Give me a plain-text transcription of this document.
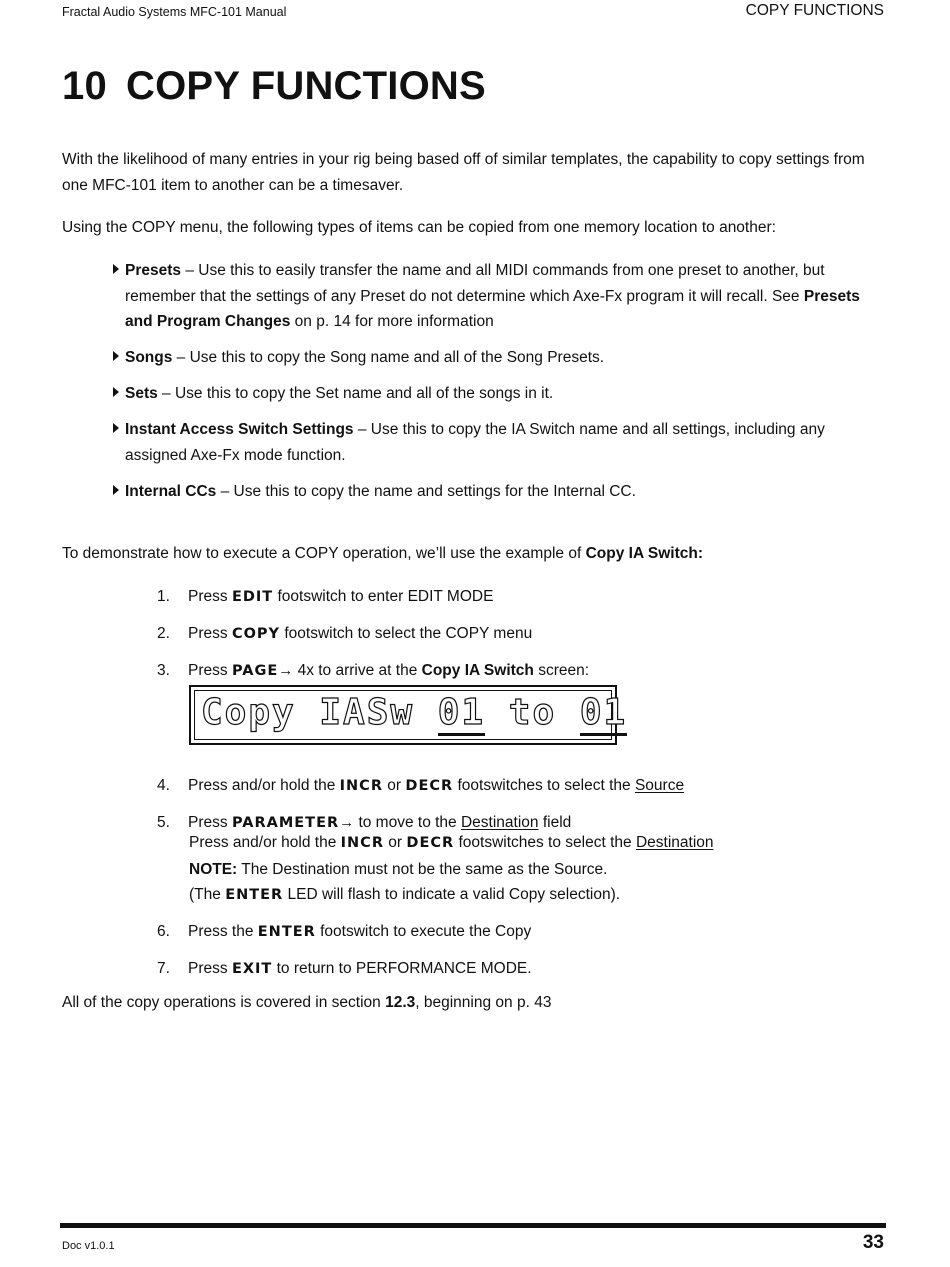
Fractal Audio Systems MFC-101 Manual	COPY FUNCTIONS
10 COPY FUNCTIONS

With the likelihood of many entries in your rig being based off of similar templates, the capability to copy settings from one MFC-101 item to another can be a timesaver.

Using the COPY menu, the following types of items can be copied from one memory location to another:

Presets – Use this to easily transfer the name and all MIDI commands from one preset to another, but remember that the settings of any Preset do not determine which Axe-Fx program it will recall. See Presets and Program Changes on p. 14 for more information
Songs – Use this to copy the Song name and all of the Song Presets.
Sets – Use this to copy the Set name and all of the songs in it.
Instant Access Switch Settings – Use this to copy the IA Switch name and all settings, including any assigned Axe-Fx mode function.
Internal CCs – Use this to copy the name and settings for the Internal CC.

To demonstrate how to execute a COPY operation, we’ll use the example of Copy IA Switch:

1.	Press EDIT footswitch to enter EDIT MODE
2.	Press COPY footswitch to select the COPY menu
3.	Press PAGE→ 4x to arrive at the Copy IA Switch screen:
4.	Press and/or hold the INCR or DECR footswitches to select the Source
5.	Press PARAMETER→ to move to the Destination field
Copy IASw 01 to 01
Press and/or hold the INCR or DECR footswitches to select the Destination
NOTE: The Destination must not be the same as the Source.
(The ENTER LED will flash to indicate a valid Copy selection).
6.	Press the ENTER footswitch to execute the Copy
7.	Press EXIT to return to PERFORMANCE MODE.

All of the copy operations is covered in section 12.3, beginning on p. 43

Doc v1.0.1	33
